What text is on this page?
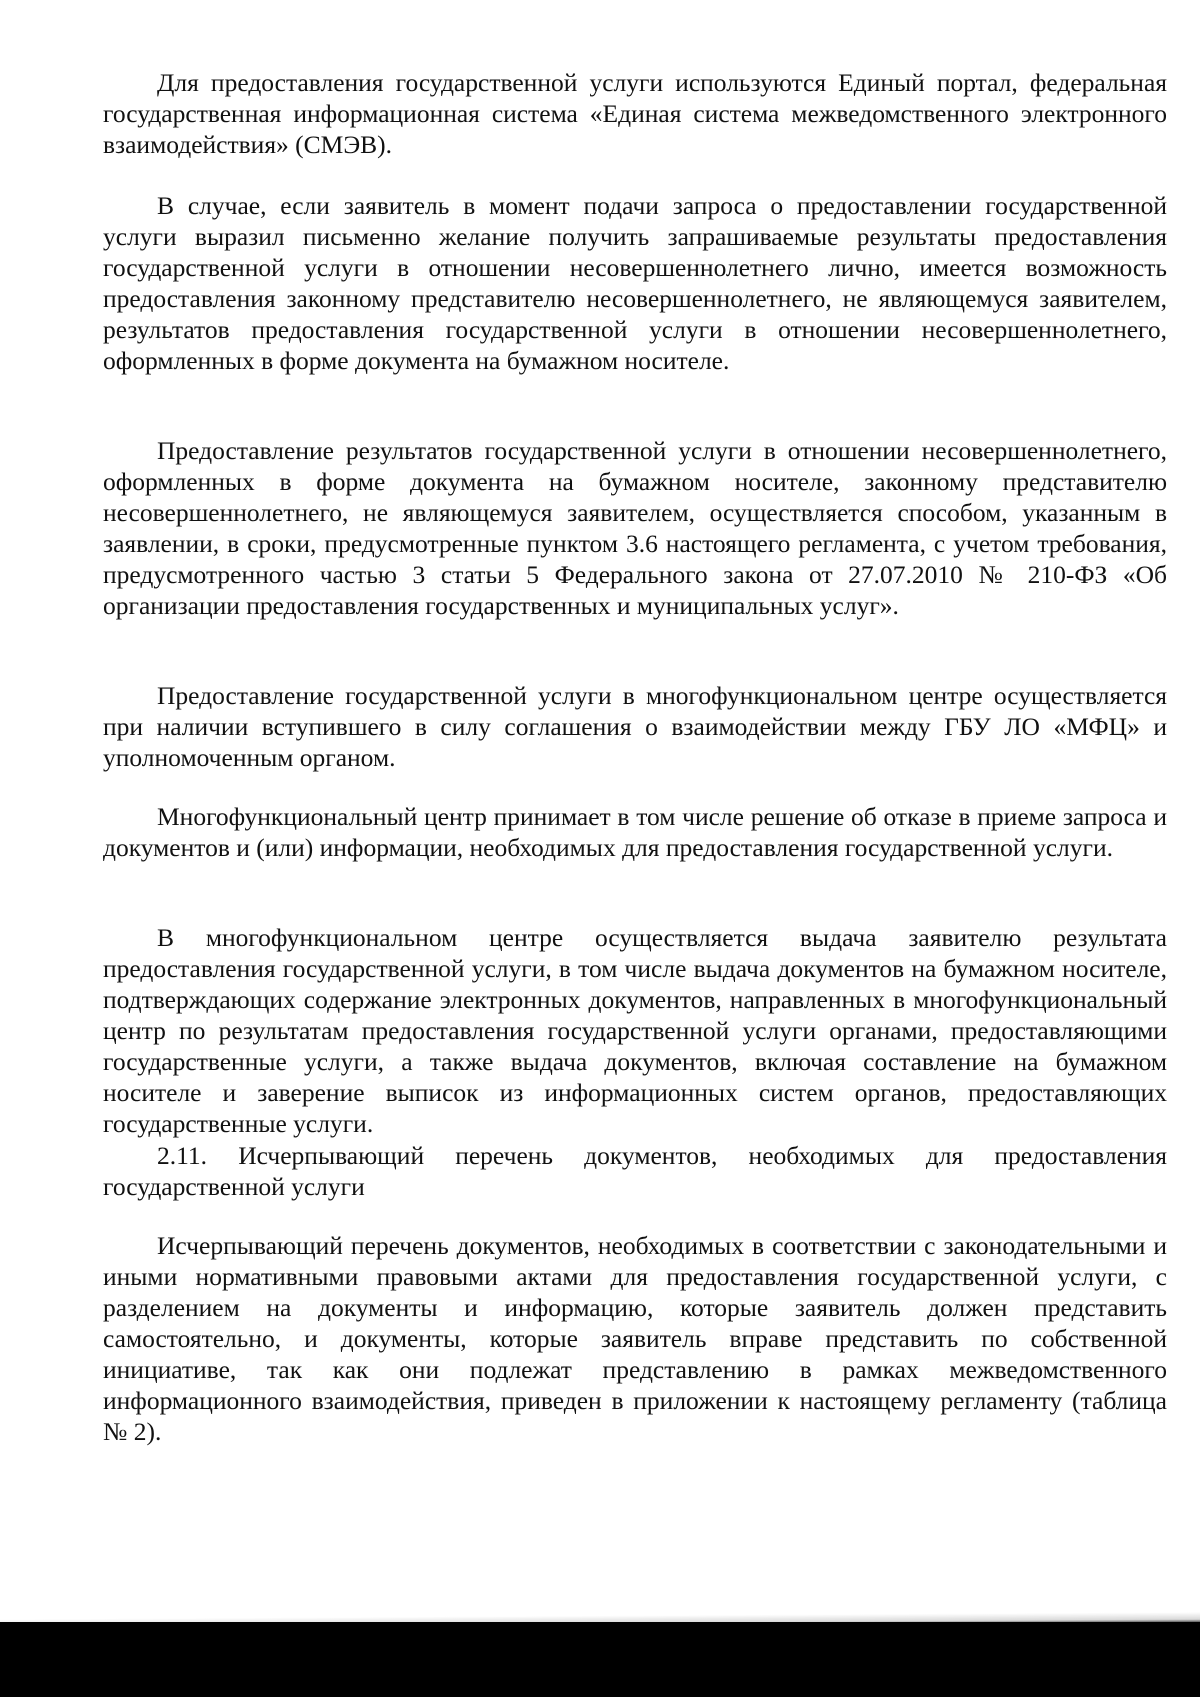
Для предоставления государственной услуги используются Единый портал, федеральная государственная информационная система «Единая система межведомственного электронного взаимодействия» (СМЭВ).

В случае, если заявитель в момент подачи запроса о предоставлении государственной услуги выразил письменно желание получить запрашиваемые результаты предоставления государственной услуги в отношении несовершеннолетнего лично, имеется возможность предоставления законному представителю несовершеннолетнего, не являющемуся заявителем, результатов предоставления государственной услуги в отношении несовершеннолетнего, оформленных в форме документа на бумажном носителе.

Предоставление результатов государственной услуги в отношении несовершеннолетнего, оформленных в форме документа на бумажном носителе, законному представителю несовершеннолетнего, не являющемуся заявителем, осуществляется способом, указанным в заявлении, в сроки, предусмотренные пунктом 3.6 настоящего регламента, с учетом требования, предусмотренного частью 3 статьи 5 Федерального закона от 27.07.2010 № 210-ФЗ «Об организации предоставления государственных и муниципальных услуг».

Предоставление государственной услуги в многофункциональном центре осуществляется при наличии вступившего в силу соглашения о взаимодействии между ГБУ ЛО «МФЦ» и уполномоченным органом.

Многофункциональный центр принимает в том числе решение об отказе в приеме запроса и документов и (или) информации, необходимых для предоставления государственной услуги.

В многофункциональном центре осуществляется выдача заявителю результата предоставления государственной услуги, в том числе выдача документов на бумажном носителе, подтверждающих содержание электронных документов, направленных в многофункциональный центр по результатам предоставления государственной услуги органами, предоставляющими государственные услуги, а также выдача документов, включая составление на бумажном носителе и заверение выписок из информационных систем органов, предоставляющих государственные услуги.

2.11. Исчерпывающий перечень документов, необходимых для предоставления государственной услуги

Исчерпывающий перечень документов, необходимых в соответствии с законодательными и иными нормативными правовыми актами для предоставления государственной услуги, с разделением на документы и информацию, которые заявитель должен представить самостоятельно, и документы, которые заявитель вправе представить по собственной инициативе, так как они подлежат представлению в рамках межведомственного информационного взаимодействия, приведен в приложении к настоящему регламенту (таблица № 2).
